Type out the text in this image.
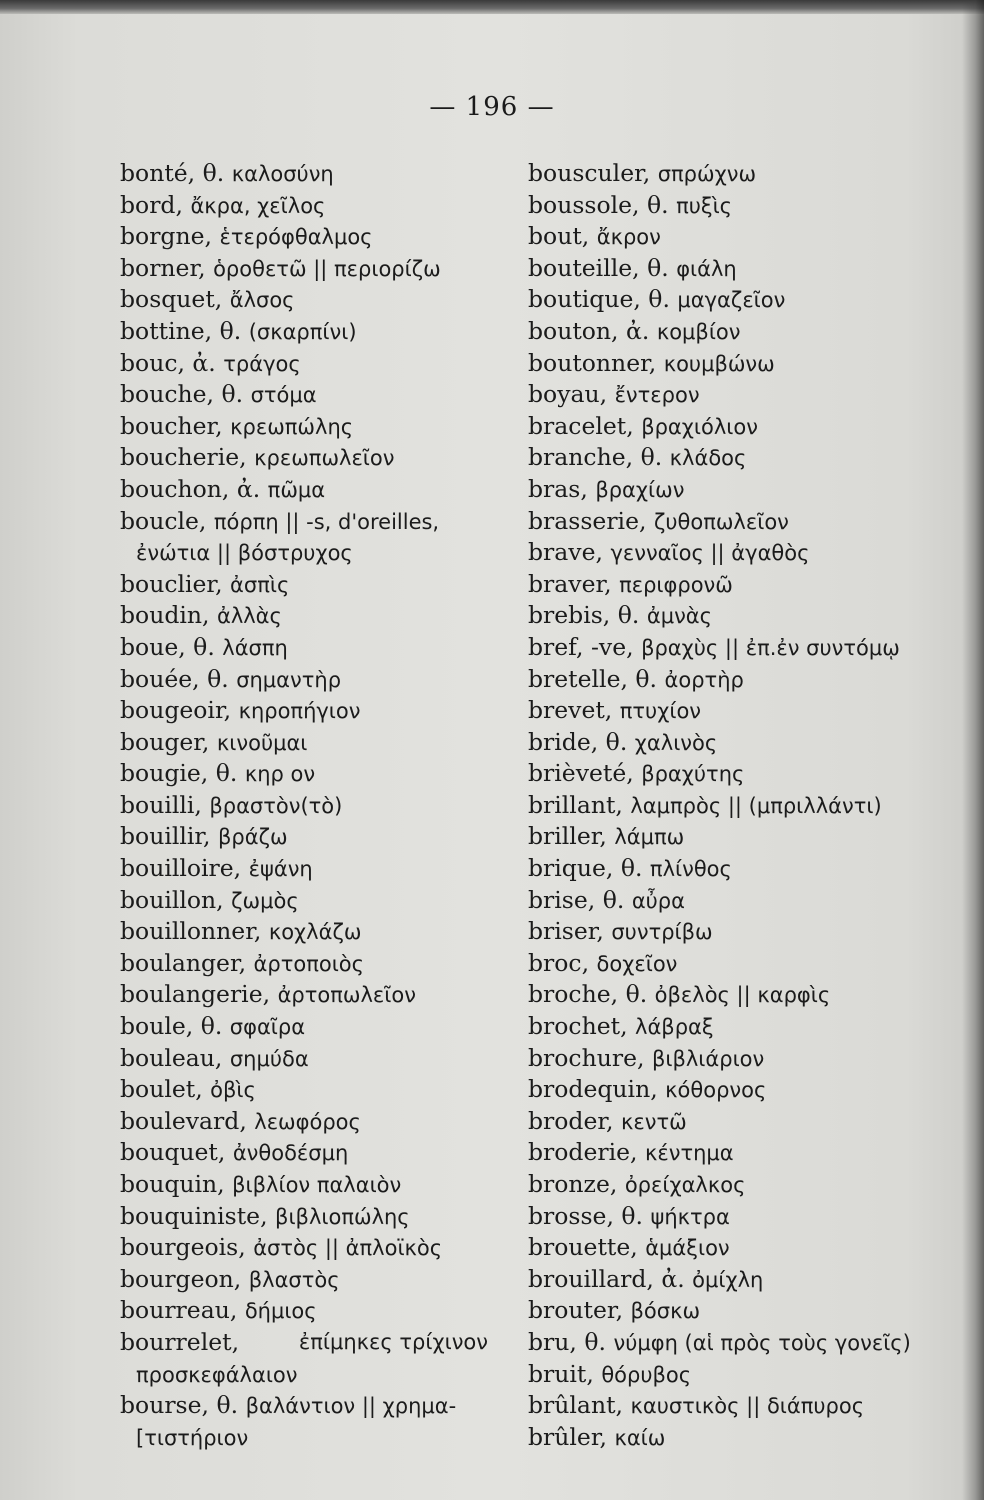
— 196 —
bonté, θ. καλοσύνη
bord, ἄκρα, χεῖλος
borgne, ἑτερόφθαλμος
borner, ὁροθετῶ || περιορίζω
bosquet, ἄλσος
bottine, θ. (σκαρπίνι)
bouc, ἀ. τράγος
bouche, θ. στόμα
boucher, κρεωπώλης
boucherie, κρεωπωλεῖον
bouchon, ἀ. πῶμα
boucle, πόρπη || -s, d'oreilles,
ἐνώτια || βόστρυχος
bouclier, ἀσπὶς
boudin, ἀλλὰς
boue, θ. λάσπη
bouée, θ. σημαντὴρ
bougeoir, κηροπήγιον
bouger, κινοῦμαι
bougie, θ. κηρ ον
bouilli, βραστὸν(τὸ)
bouillir, βράζω
bouilloire, ἐψάνη
bouillon, ζωμὸς
bouillonner, κοχλάζω
boulanger, ἀρτοποιὸς
boulangerie, ἀρτοπωλεῖον
boule, θ. σφαῖρα
bouleau, σημύδα
boulet, ὀβὶς
boulevard, λεωφόρος
bouquet, ἀνθοδέσμη
bouquin, βιβλίον παλαιὸν
bouquiniste, βιβλιοπώλης
bourgeois, ἀστὸς || ἀπλοϊκὸς
bourgeon, βλαστὸς
bourreau, δήμιος
bourrelet,	ἐπίμηκες τρίχινον
προσκεφάλαιον
bourse, θ. βαλάντιον || χρημα-
[τιστήριον
bousculer, σπρώχνω
boussole, θ. πυξὶς
bout, ἄκρον
bouteille, θ. φιάλη
boutique, θ. μαγαζεῖον
bouton, ἀ. κομβίον
boutonner, κουμβώνω
boyau, ἔντερον
bracelet, βραχιόλιον
branche, θ. κλάδος
bras, βραχίων
brasserie, ζυθοπωλεῖον
brave, γενναῖος || ἀγαθὸς
braver, περιφρονῶ
brebis, θ. ἀμνὰς
bref, -ve, βραχὺς || ἐπ.ἐν συντόμῳ
bretelle, θ. ἀορτὴρ
brevet, πτυχίον
bride, θ. χαλινὸς
brièveté, βραχύτης
brillant, λαμπρὸς || (μπριλλάντι)
briller, λάμπω
brique, θ. πλίνθος
brise, θ. αὖρα
briser, συντρίβω
broc, δοχεῖον
broche, θ. ὀβελὸς || καρφὶς
brochet, λάβραξ
brochure, βιβλιάριον
brodequin, κόθορνος
broder, κεντῶ
broderie, κέντημα
bronze, ὀρείχαλκος
brosse, θ. ψήκτρα
brouette, ἁμάξιον
brouillard, ἀ. ὀμίχλη
brouter, βόσκω
bru, θ. νύμφη (αἱ πρὸς τοὺς γονεῖς)
bruit, θόρυβος
brûlant, καυστικὸς || διάπυρος
brûler, καίω
